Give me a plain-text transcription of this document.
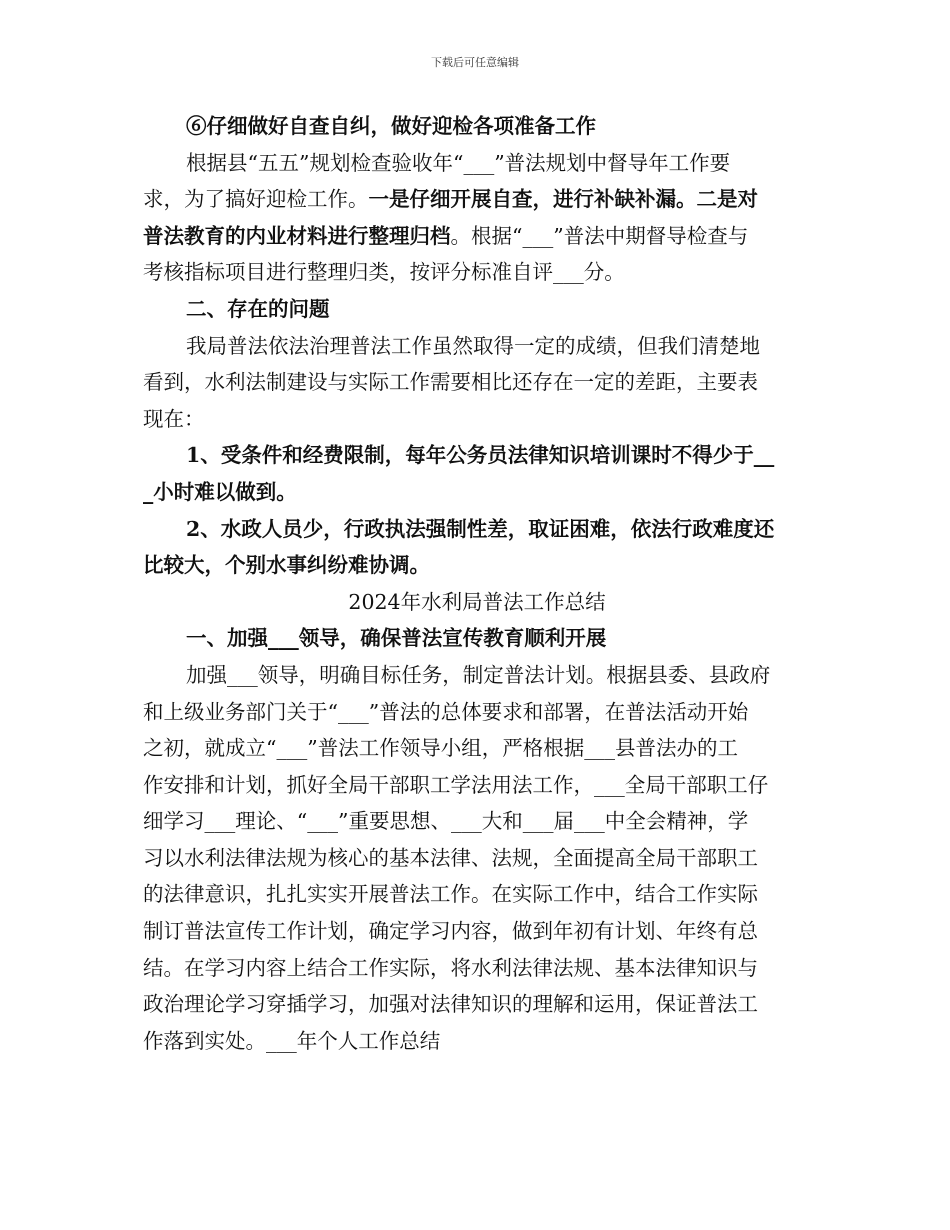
下载后可任意编辑
⑥仔细做好自查自纠，做好迎检各项准备工作
根据县“五五”规划检查验收年“___”普法规划中督导年工作要
求，为了搞好迎检工作。一是仔细开展自查，进行补缺补漏。二是对
普法教育的内业材料进行整理归档。根据“___”普法中期督导检查与
考核指标项目进行整理归类，按评分标准自评___分。
二、存在的问题
我局普法依法治理普法工作虽然取得一定的成绩，但我们清楚地
看到，水利法制建设与实际工作需要相比还存在一定的差距，主要表
现在：
1、受条件和经费限制，每年公务员法律知识培训课时不得少于__
_小时难以做到。
2、水政人员少，行政执法强制性差，取证困难，依法行政难度还
比较大，个别水事纠纷难协调。
2024年水利局普法工作总结
一、加强___领导，确保普法宣传教育顺利开展
加强___领导，明确目标任务，制定普法计划。根据县委、县政府
和上级业务部门关于“___”普法的总体要求和部署，在普法活动开始
之初，就成立“___”普法工作领导小组，严格根据___县普法办的工
作安排和计划，抓好全局干部职工学法用法工作，___全局干部职工仔
细学习___理论、“___”重要思想、___大和___届___中全会精神，学
习以水利法律法规为核心的基本法律、法规，全面提高全局干部职工
的法律意识，扎扎实实开展普法工作。在实际工作中，结合工作实际
制订普法宣传工作计划，确定学习内容，做到年初有计划、年终有总
结。在学习内容上结合工作实际，将水利法律法规、基本法律知识与
政治理论学习穿插学习，加强对法律知识的理解和运用，保证普法工
作落到实处。___年个人工作总结
